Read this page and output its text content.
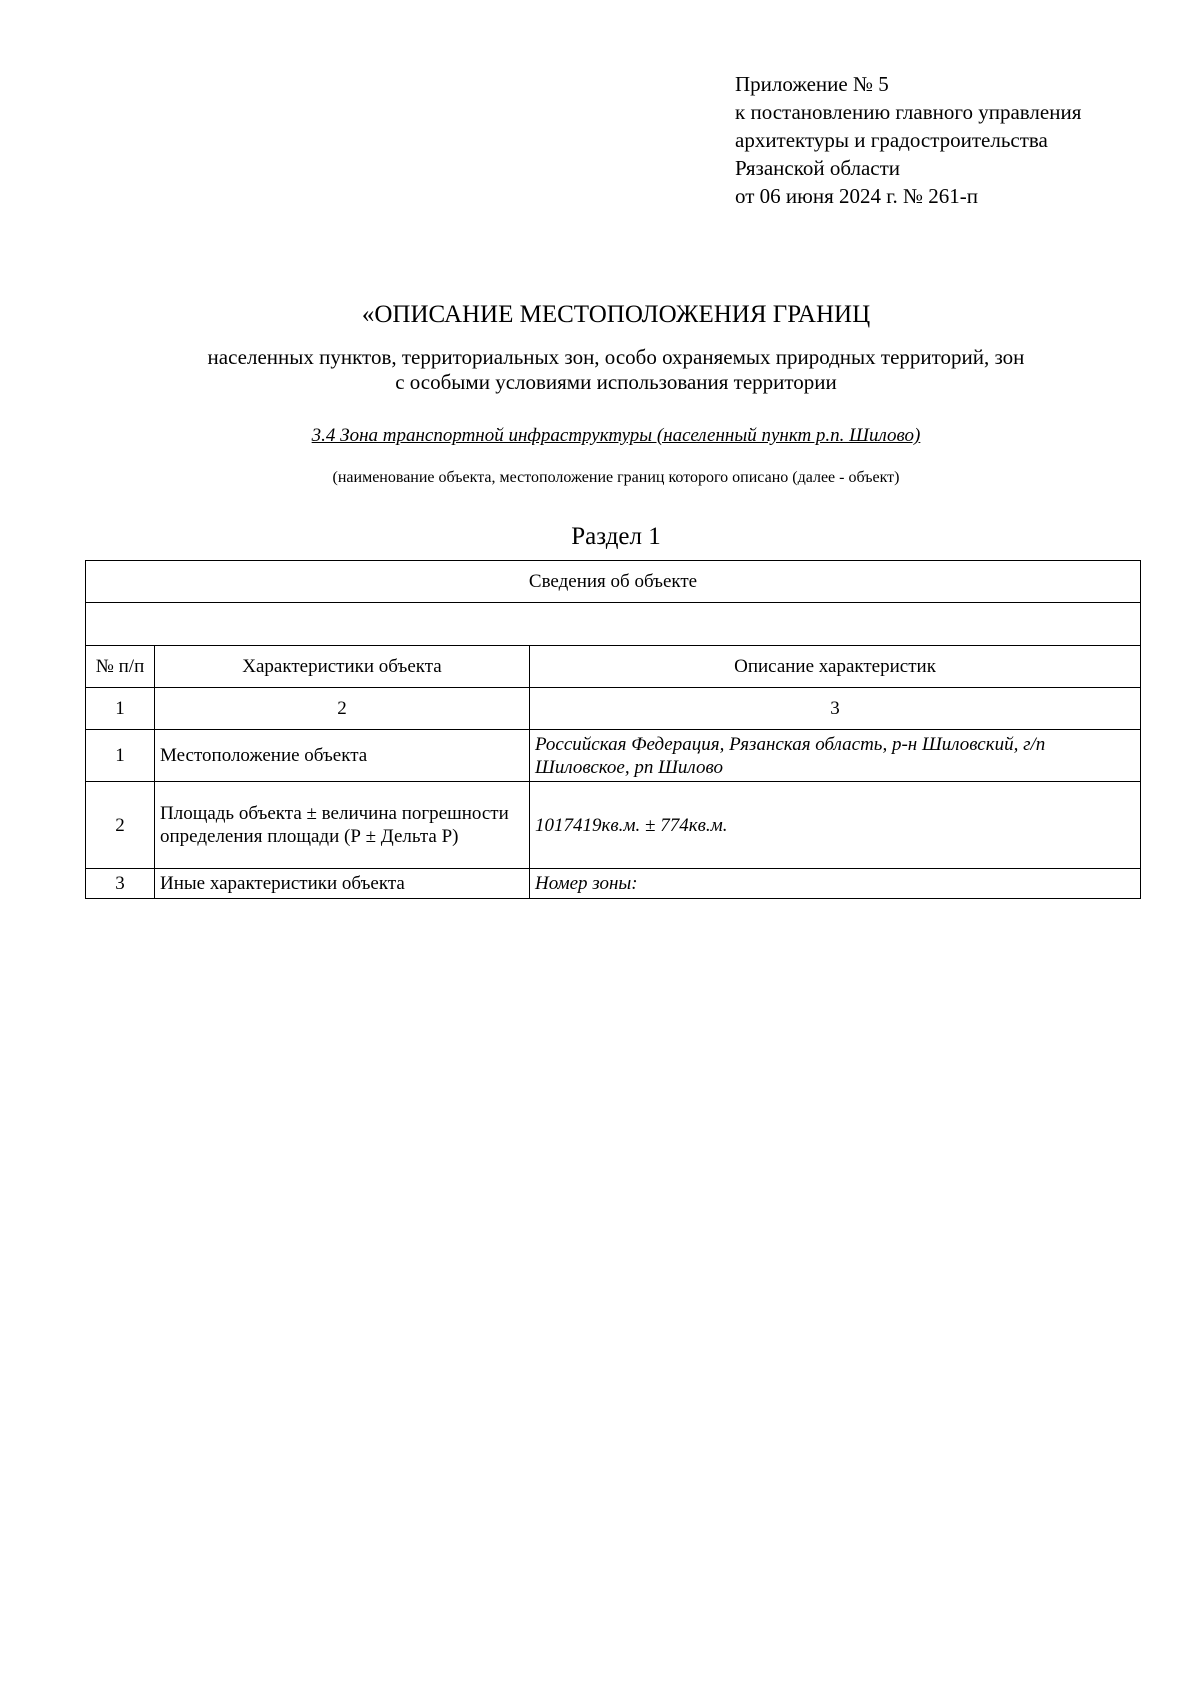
Приложение № 5
к постановлению главного управления
архитектуры и градостроительства
Рязанской области
от 06 июня 2024 г. № 261-п
«ОПИСАНИЕ МЕСТОПОЛОЖЕНИЯ ГРАНИЦ
населенных пунктов, территориальных зон, особо охраняемых природных территорий, зон
с особыми условиями использования территории
3.4 Зона транспортной инфраструктуры (населенный пункт р.п. Шилово)
(наименование объекта, местоположение границ которого описано (далее - объект)
Раздел 1
Сведения об объекте		

№ п/п	Характеристики объекта	Описание характеристик
1	2	3
1	Местоположение объекта	Российская Федерация, Рязанская область, р-н Шиловский, г/п Шиловское, рп Шилово
2	Площадь объекта ± величина погрешности определения площади (Р ± Дельта Р)	1017419кв.м. ± 774кв.м.
3	Иные характеристики объекта	Номер зоны:
